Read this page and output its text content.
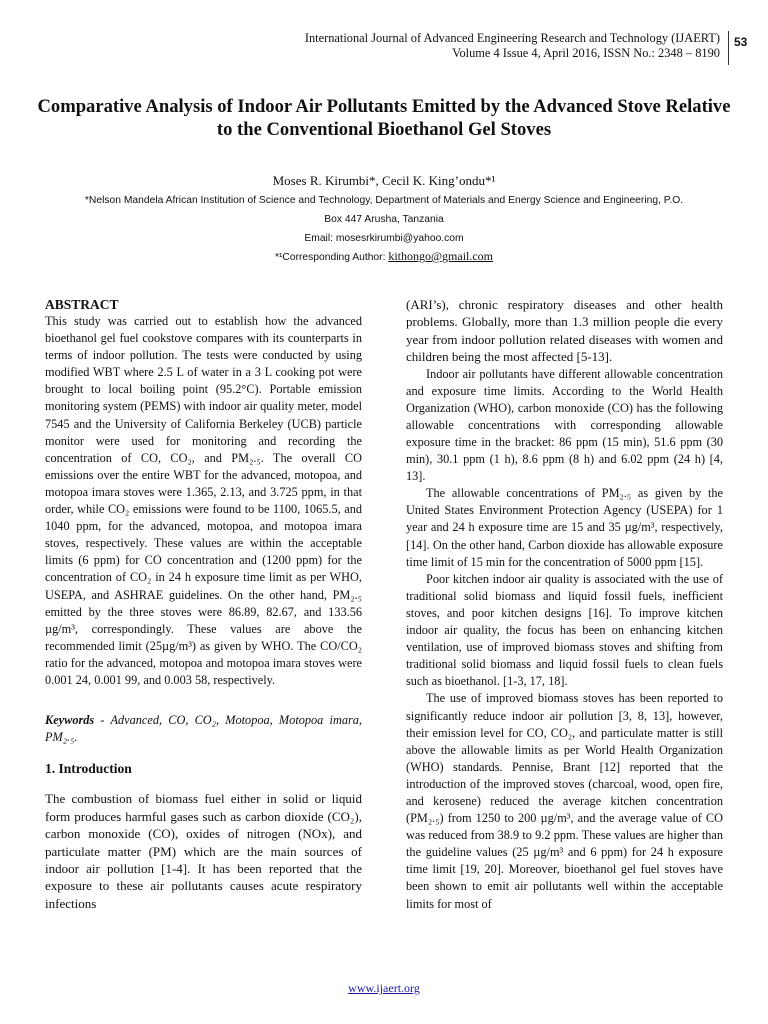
International Journal of Advanced Engineering Research and Technology (IJAERT)
Volume 4 Issue 4, April 2016, ISSN No.: 2348 – 8190
53
Comparative Analysis of Indoor Air Pollutants Emitted by the Advanced Stove Relative to the Conventional Bioethanol Gel Stoves
Moses R. Kirumbi*, Cecil K. King’ondu*¹
*Nelson Mandela African Institution of Science and Technology, Department of Materials and Energy Science and Engineering, P.O.
Box 447 Arusha, Tanzania
Email: mosesrkirumbi@yahoo.com
*¹Corresponding Author: kithongo@gmail.com

ABSTRACT

This study was carried out to establish how the advanced bioethanol gel fuel cookstove compares with its counterparts in terms of indoor pollution. The tests were conducted by using modified WBT where 2.5 L of water in a 3 L cooking pot were brought to local boiling point (95.2°C). Portable emission monitoring system (PEMS) with indoor air quality meter, model 7545 and the University of California Berkeley (UCB) particle monitor were used for monitoring and recording the concentration of CO, CO₂, and PM₂.₅. The overall CO emissions over the entire WBT for the advanced, motopoa, and motopoa imara stoves were 1.365, 2.13, and 3.725 ppm, in that order, while CO₂ emissions were found to be 1100, 1065.5, and 1040 ppm, for the advanced, motopoa, and motopoa imara stoves, respectively. These values are within the acceptable limits (6 ppm) for CO concentration and (1200 ppm) for the concentration of CO₂ in 24 h exposure time limit as per WHO, USEPA, and ASHRAE guidelines. On the other hand, PM₂.₅ emitted by the three stoves were 86.89, 82.67, and 133.56 µg/m³, correspondingly. These values are above the recommended limit (25µg/m³) as given by WHO. The CO/CO₂ ratio for the advanced, motopoa and motopoa imara stoves were 0.001 24, 0.001 99, and 0.003 58, respectively.

Keywords - Advanced, CO, CO₂, Motopoa, Motopoa imara, PM₂.₅.

1. Introduction

The combustion of biomass fuel either in solid or liquid form produces harmful gases such as carbon dioxide (CO₂), carbon monoxide (CO), oxides of nitrogen (NOx), and particulate matter (PM) which are the main sources of indoor air pollution [1-4]. It has been reported that the exposure to these air pollutants causes acute respiratory infections

(ARI’s), chronic respiratory diseases and other health problems. Globally, more than 1.3 million people die every year from indoor pollution related diseases with women and children being the most affected [5-13].

Indoor air pollutants have different allowable concentration and exposure time limits. According to the World Health Organization (WHO), carbon monoxide (CO) has the following allowable concentrations with corresponding allowable exposure time in the bracket: 86 ppm (15 min), 51.6 ppm (30 min), 30.1 ppm (1 h), 8.6 ppm (8 h) and 6.02 ppm (24 h) [4, 13].

The allowable concentrations of PM₂.₅ as given by the United States Environment Protection Agency (USEPA) for 1 year and 24 h exposure time are 15 and 35 µg/m³, respectively, [14]. On the other hand, Carbon dioxide has allowable exposure time limit of 15 min for the concentration of 5000 ppm [15].

Poor kitchen indoor air quality is associated with the use of traditional solid biomass and liquid fossil fuels, inefficient stoves, and poor kitchen designs [16]. To improve kitchen indoor air quality, the focus has been on enhancing kitchen ventilation, use of improved biomass stoves and shifting from traditional solid biomass and liquid fossil fuels to clean fuels such as bioethanol. [1-3, 17, 18].

The use of improved biomass stoves has been reported to significantly reduce indoor air pollution [3, 8, 13], however, their emission level for CO, CO₂, and particulate matter is still above the allowable limits as per World Health Organization (WHO) standards. Pennise, Brant [12] reported that the introduction of the improved stoves (charcoal, wood, open fire, and kerosene) reduced the average kitchen concentration (PM₂.₅) from 1250 to 200 µg/m³, and the average value of CO was reduced from 38.9 to 9.2 ppm. These values are higher than the guideline values (25 µg/m³ and 6 ppm) for 24 h exposure time limit [19, 20]. Moreover, bioethanol gel fuel stoves have been shown to emit air pollutants well within the acceptable limits for most of

www.ijaert.org
